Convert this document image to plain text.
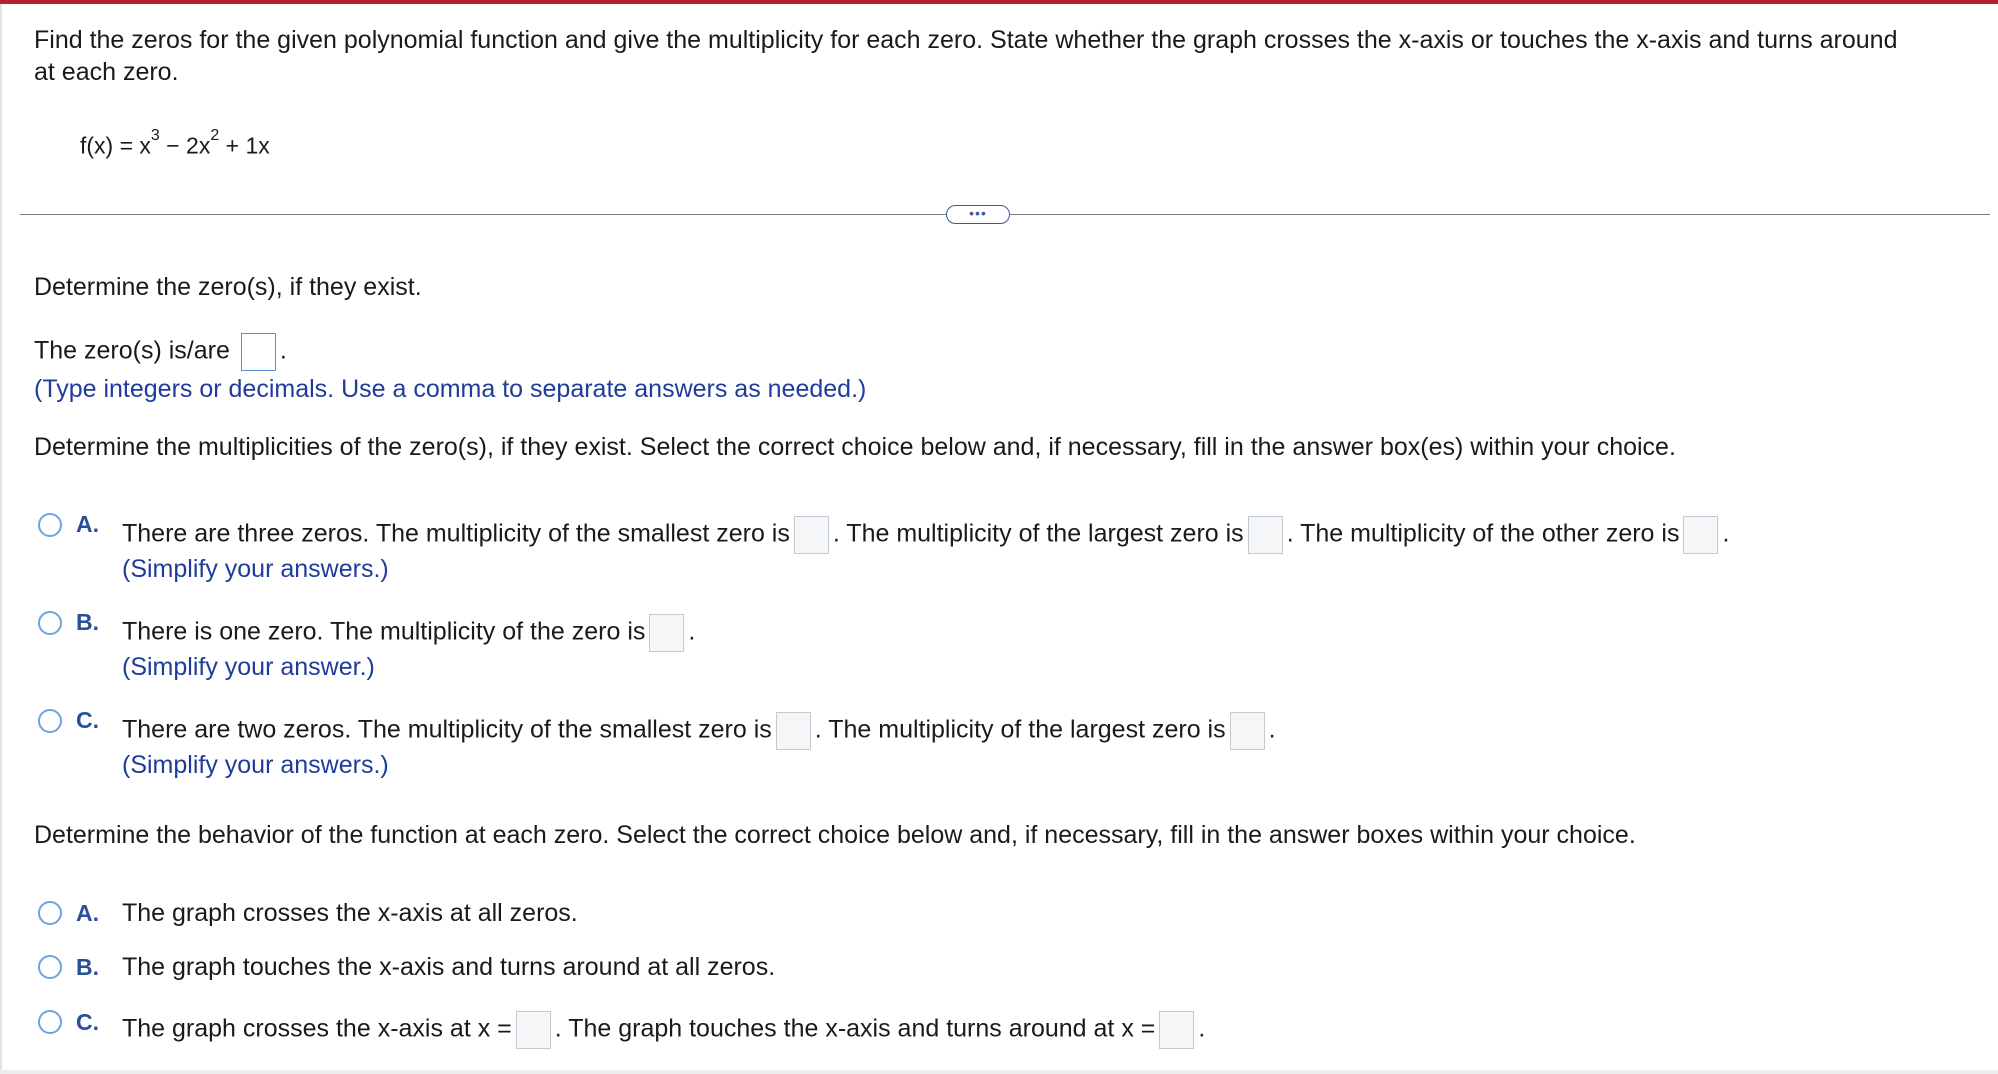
Find the zeros for the given polynomial function and give the multiplicity for each zero. State whether the graph crosses the x-axis or touches the x-axis and turns around
at each zero.
$f(x) = x^3 - 2x^2 + 1x$
•••
Determine the zero(s), if they exist.
The zero(s) is/are .
(Type integers or decimals. Use a comma to separate answers as needed.)
Determine the multiplicities of the zero(s), if they exist. Select the correct choice below and, if necessary, fill in the answer box(es) within your choice.
A. There are three zeros. The multiplicity of the smallest zero is . The multiplicity of the largest zero is . The multiplicity of the other zero is .
(Simplify your answers.)
B. There is one zero. The multiplicity of the zero is .
(Simplify your answer.)
C. There are two zeros. The multiplicity of the smallest zero is . The multiplicity of the largest zero is .
(Simplify your answers.)
Determine the behavior of the function at each zero. Select the correct choice below and, if necessary, fill in the answer boxes within your choice.
A. The graph crosses the x-axis at all zeros.
B. The graph touches the x-axis and turns around at all zeros.
C. The graph crosses the x-axis at x = . The graph touches the x-axis and turns around at x = .
